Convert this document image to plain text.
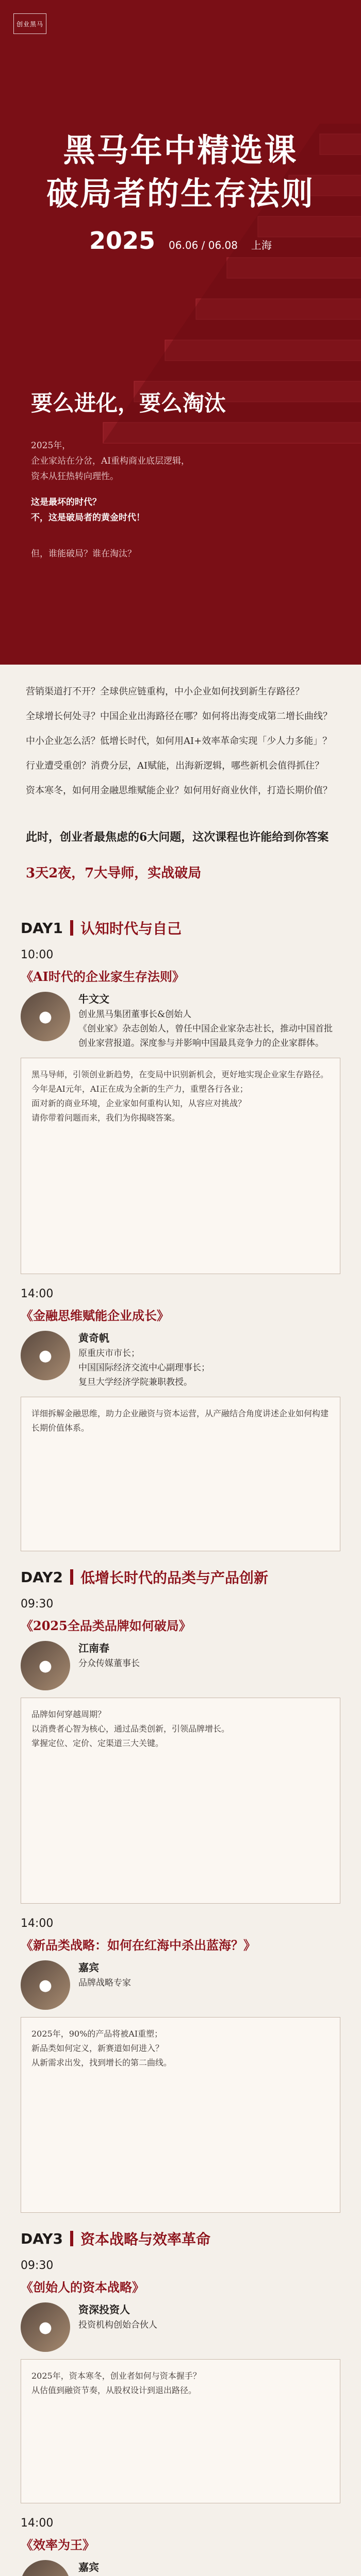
创业黑马
黑马年中精选课
破局者的生存法则
2025 06.06 / 06.08 上海
要么进化，要么淘汰
2025年，
企业家站在分岔，AI重构商业底层逻辑，
资本从狂热转向理性。
这是最坏的时代？
不，这是破局者的黄金时代！
但，谁能破局？谁在淘汰？

营销渠道打不开？全球供应链重构，中小企业如何找到新生存路径？

全球增长何处寻？中国企业出海路径在哪？如何将出海变成第二增长曲线？

中小企业怎么活？低增长时代，如何用AI+效率革命实现「少人力多能」？

行业遭受重创？消费分层，AI赋能，出海新逻辑，哪些新机会值得抓住？

资本寒冬，如何用金融思维赋能企业？如何用好商业伙伴，打造长期价值？

此时，创业者最焦虑的6大问题，这次课程也许能给到你答案
3天2夜，7大导师，实战破局
DAY1 认知时代与自己
10:00
《AI时代的企业家生存法则》
●
牛文文
创业黑马集团董事长&创始人
《创业家》杂志创始人，曾任中国企业家杂志社长，推动中国首批创业家营报道。深度参与并影响中国最具竞争力的企业家群体。
黑马导师，引领创业新趋势，在变局中识别新机会，更好地实现企业家生存路径。
今年是AI元年，AI正在成为全新的生产力，重塑各行各业；
面对新的商业环境，企业家如何重构认知，从容应对挑战？
请你带着问题而来，我们为你揭晓答案。
14:00
《金融思维赋能企业成长》
●
黄奇帆
原重庆市市长；
中国国际经济交流中心副理事长；
复旦大学经济学院兼职教授。
详细拆解金融思维，助力企业融资与资本运营，从产融结合角度讲述企业如何构建长期价值体系。
DAY2 低增长时代的品类与产品创新
09:30
《2025全品类品牌如何破局》
●
江南春
分众传媒董事长
品牌如何穿越周期？
以消费者心智为核心，通过品类创新，引领品牌增长。
掌握定位、定价、定渠道三大关键。
14:00
《新品类战略：如何在红海中杀出蓝海？》
●
嘉宾
品牌战略专家
2025年，90%的产品将被AI重塑；
新品类如何定义，新赛道如何进入？
从新需求出发，找到增长的第二曲线。
DAY3 资本战略与效率革命
09:30
《创始人的资本战略》
●
资深投资人
投资机构创始合伙人
2025年，资本寒冬，创业者如何与资本握手？
从估值到融资节奏，从股权设计到退出路径。
14:00
《效率为王》
嘉宾
